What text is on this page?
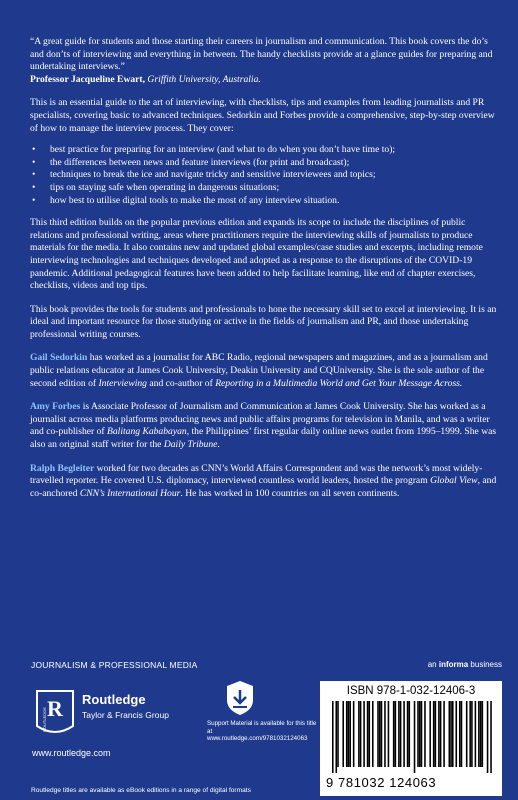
“A great guide for students and those starting their careers in journalism and communication. This book covers the do’s and don’ts of interviewing and everything in between. The handy checklists provide at a glance guides for preparing and undertaking interviews.”
Professor Jacqueline Ewart, Griffith University, Australia.

This is an essential guide to the art of interviewing, with checklists, tips and examples from leading journalists and PR specialists, covering basic to advanced techniques. Sedorkin and Forbes provide a comprehensive, step-by-step overview of how to manage the interview process. They cover:

• best practice for preparing for an interview (and what to do when you don’t have time to);
• the differences between news and feature interviews (for print and broadcast);
• techniques to break the ice and navigate tricky and sensitive interviewees and topics;
• tips on staying safe when operating in dangerous situations;
• how best to utilise digital tools to make the most of any interview situation.

This third edition builds on the popular previous edition and expands its scope to include the disciplines of public relations and professional writing, areas where practitioners require the interviewing skills of journalists to produce materials for the media. It also contains new and updated global examples/case studies and excerpts, including remote interviewing technologies and techniques developed and adopted as a response to the disruptions of the COVID-19 pandemic. Additional pedagogical features have been added to help facilitate learning, like end of chapter exercises, checklists, videos and top tips.

This book provides the tools for students and professionals to hone the necessary skill set to excel at interviewing. It is an ideal and important resource for those studying or active in the fields of journalism and PR, and those undertaking professional writing courses.

Gail Sedorkin has worked as a journalist for ABC Radio, regional newspapers and magazines, and as a journalism and public relations educator at James Cook University, Deakin University and CQUniversity. She is the sole author of the second edition of Interviewing and co-author of Reporting in a Multimedia World and Get Your Message Across.

Amy Forbes is Associate Professor of Journalism and Communication at James Cook University. She has worked as a journalist across media platforms producing news and public affairs programs for television in Manila, and was a writer and co-publisher of Balitang Kababayan, the Philippines’ first regular daily online news outlet from 1995–1999. She was also an original staff writer for the Daily Tribune.

Ralph Begleiter worked for two decades as CNN’s World Affairs Correspondent and was the network’s most widely-travelled reporter. He covered U.S. diplomacy, interviewed countless world leaders, hosted the program Global View, and co-anchored CNN’s International Hour. He has worked in 100 countries on all seven continents.

JOURNALISM & PROFESSIONAL MEDIA	an informa business
R
ROUTLEDGE
Routledge
Taylor & Francis Group
www.routledge.com
Support Material is available for this title at
www.routledge.com/9781032124063
ISBN 978-1-032-12406-3
9 781032 124063
Routledge titles are available as eBook editions in a range of digital formats
